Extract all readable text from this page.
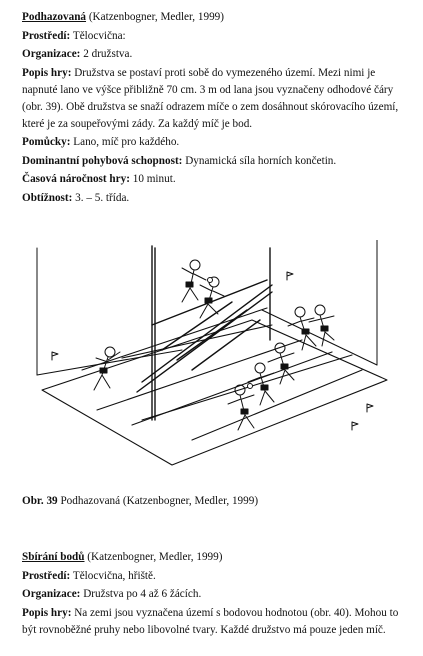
Podhazovaná (Katzenbogner, Medler, 1999)

Prostředí: Tělocvična:

Organizace: 2 družstva.

Popis hry: Družstva se postaví proti sobě do vymezeného území. Mezi nimi je

napnuté lano ve výšce přibližně 70 cm. 3 m od lana jsou vyznačeny odhodové čáry

(obr. 39). Obě družstva se snaží odrazem míče o zem dosáhnout skórovacího území,

které je za soupeřovými zády. Za každý míč je bod.

Pomůcky: Lano, míč pro každého.

Dominantní pohybová schopnost: Dynamická síla horních končetin.

Časová náročnost hry: 10 minut.

Obtížnost: 3. – 5. třída.

Obr. 39 Podhazovaná (Katzenbogner, Medler, 1999)

Sbírání bodů (Katzenbogner, Medler, 1999)

Prostředí: Tělocvična, hřiště.

Organizace: Družstva po 4 až 6 žácích.

Popis hry: Na zemi jsou vyznačena území s bodovou hodnotou (obr. 40). Mohou to

být rovnoběžné pruhy nebo libovolné tvary. Každé družstvo má pouze jeden míč.
